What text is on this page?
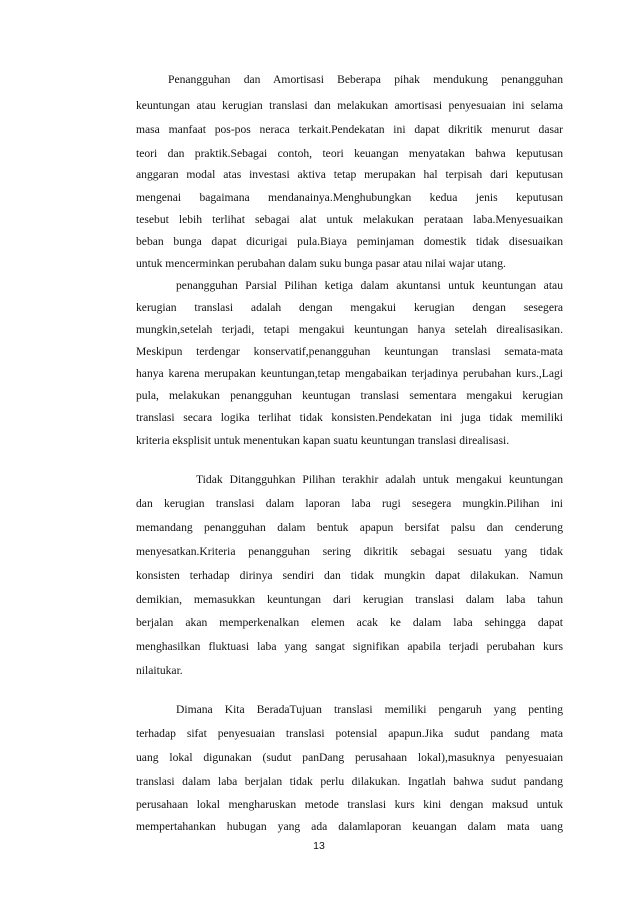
Penangguhan dan Amortisasi Beberapa pihak mendukung penangguhan
keuntungan atau kerugian translasi dan melakukan amortisasi penyesuaian ini selama
masa manfaat pos-pos neraca terkait.Pendekatan ini dapat dikritik menurut dasar
teori dan praktik.Sebagai contoh, teori keuangan menyatakan bahwa keputusan
anggaran modal atas investasi aktiva tetap merupakan hal terpisah dari keputusan
mengenai bagaimana mendanainya.Menghubungkan kedua jenis keputusan
tesebut lebih terlihat sebagai alat untuk melakukan perataan laba.Menyesuaikan
beban bunga dapat dicurigai pula.Biaya peminjaman domestik tidak disesuaikan
untuk mencerminkan perubahan dalam suku bunga pasar atau nilai wajar utang.
penangguhan Parsial Pilihan ketiga dalam akuntansi untuk keuntungan atau
kerugian translasi adalah dengan mengakui kerugian dengan sesegera
mungkin,setelah terjadi, tetapi mengakui keuntungan hanya setelah direalisasikan.
Meskipun terdengar konservatif,penangguhan keuntungan translasi semata-mata
hanya karena merupakan keuntungan,tetap mengabaikan terjadinya perubahan kurs.,Lagi
pula, melakukan penangguhan keuntugan translasi sementara mengakui kerugian
translasi secara logika terlihat tidak konsisten.Pendekatan ini juga tidak memiliki
kriteria eksplisit untuk menentukan kapan suatu keuntungan translasi direalisasi.
Tidak Ditangguhkan Pilihan terakhir adalah untuk mengakui keuntungan
dan kerugian translasi dalam laporan laba rugi sesegera mungkin.Pilihan ini
memandang penangguhan dalam bentuk apapun bersifat palsu dan cenderung
menyesatkan.Kriteria penangguhan sering dikritik sebagai sesuatu yang tidak
konsisten terhadap dirinya sendiri dan tidak mungkin dapat dilakukan. Namun
demikian, memasukkan keuntungan dari kerugian translasi dalam laba tahun
berjalan akan memperkenalkan elemen acak ke dalam laba sehingga dapat
menghasilkan fluktuasi laba yang sangat signifikan apabila terjadi perubahan kurs
nilaitukar.
Dimana Kita BeradaTujuan translasi memiliki pengaruh yang penting
terhadap sifat penyesuaian translasi potensial apapun.Jika sudut pandang mata
uang lokal digunakan (sudut panDang perusahaan lokal),masuknya penyesuaian
translasi dalam laba berjalan tidak perlu dilakukan. Ingatlah bahwa sudut pandang
perusahaan lokal mengharuskan metode translasi kurs kini dengan maksud untuk
mempertahankan hubugan yang ada dalamlaporan keuangan dalam mata uang
13
